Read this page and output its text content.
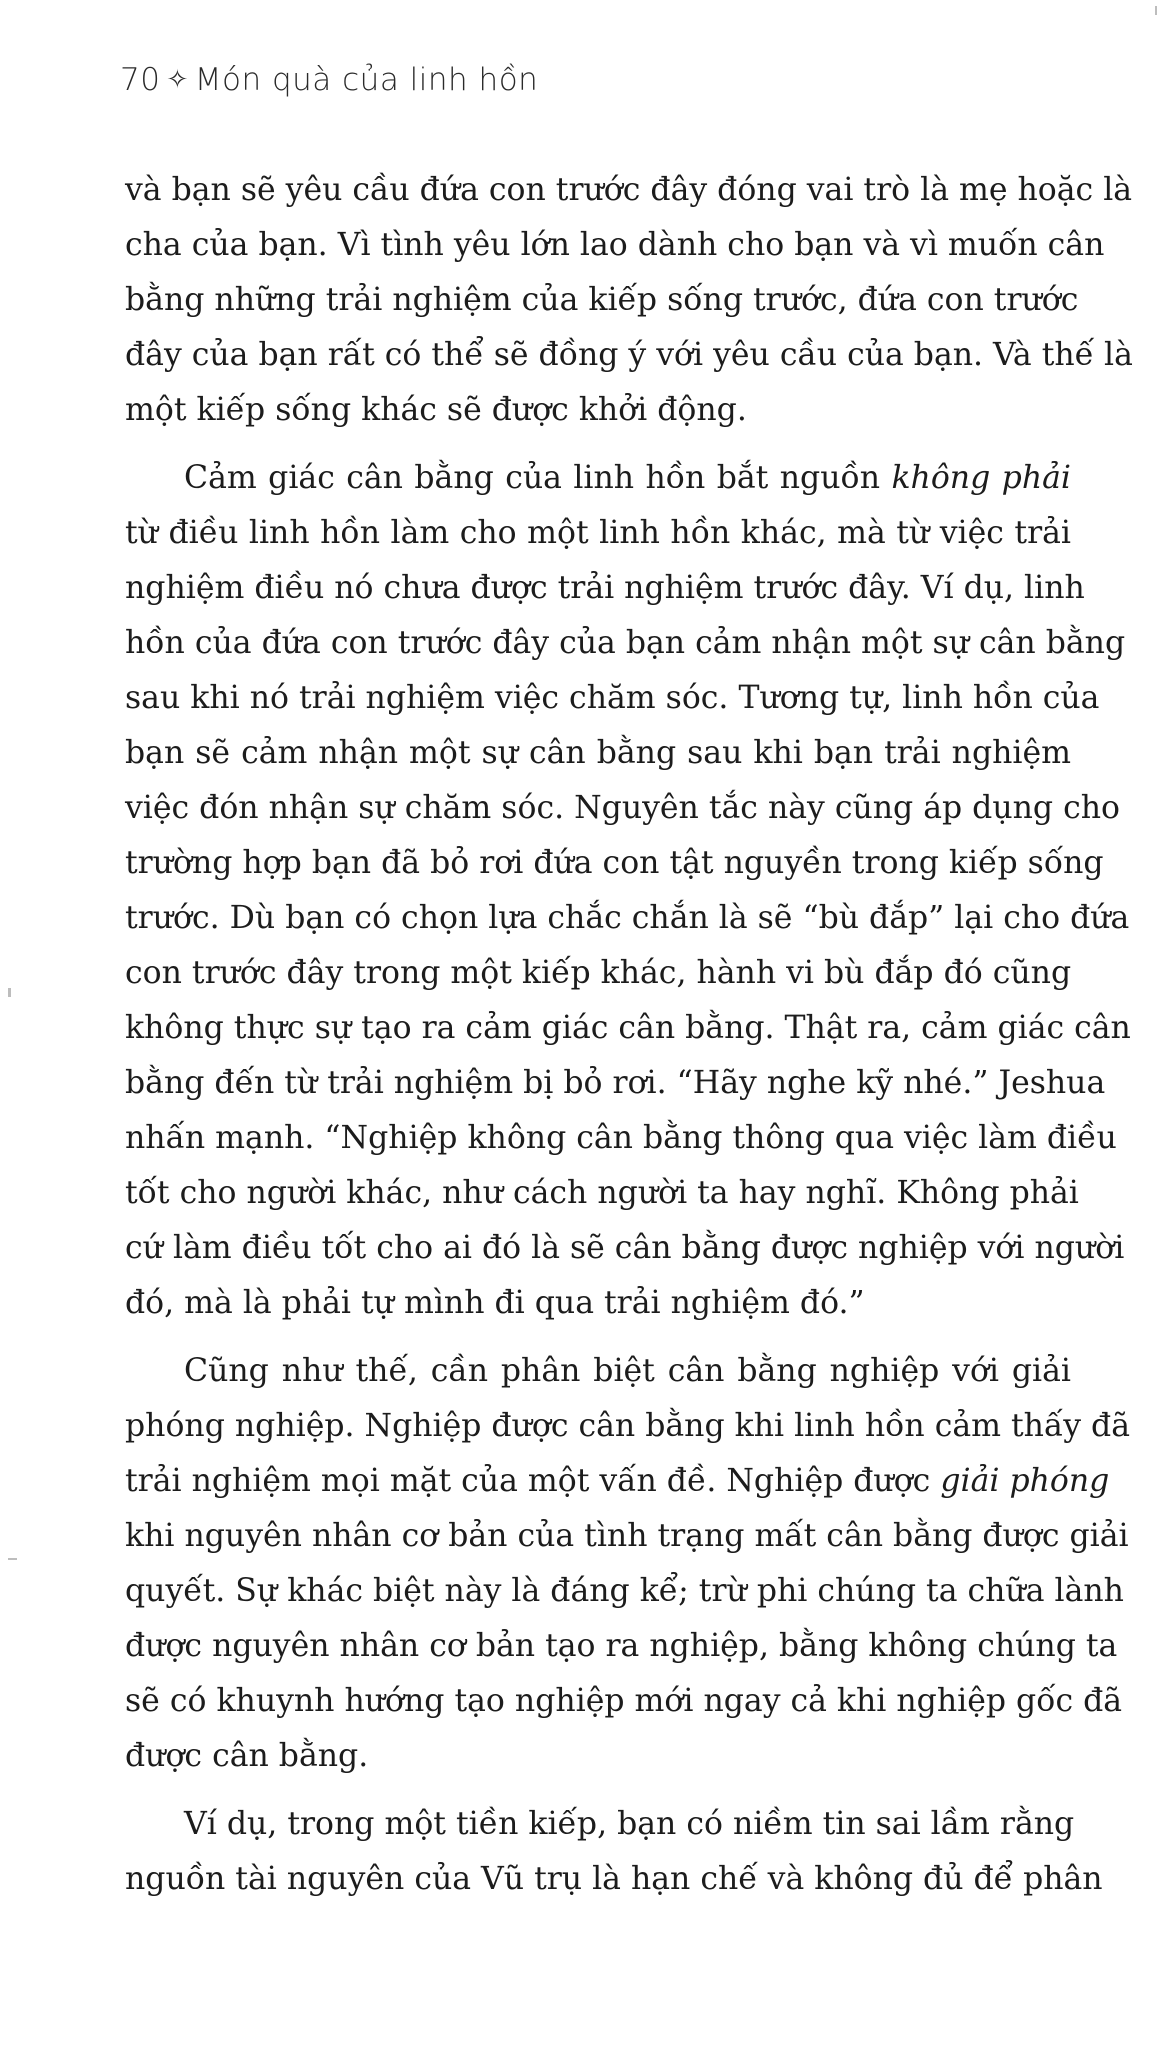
70 ✧ Món quà của linh hồn
và bạn sẽ yêu cầu đứa con trước đây đóng vai trò là mẹ hoặc là
cha của bạn. Vì tình yêu lớn lao dành cho bạn và vì muốn cân
bằng những trải nghiệm của kiếp sống trước, đứa con trước
đây của bạn rất có thể sẽ đồng ý với yêu cầu của bạn. Và thế là
một kiếp sống khác sẽ được khởi động.
Cảm giác cân bằng của linh hồn bắt nguồn không phải
từ điều linh hồn làm cho một linh hồn khác, mà từ việc trải
nghiệm điều nó chưa được trải nghiệm trước đây. Ví dụ, linh
hồn của đứa con trước đây của bạn cảm nhận một sự cân bằng
sau khi nó trải nghiệm việc chăm sóc. Tương tự, linh hồn của
bạn sẽ cảm nhận một sự cân bằng sau khi bạn trải nghiệm
việc đón nhận sự chăm sóc. Nguyên tắc này cũng áp dụng cho
trường hợp bạn đã bỏ rơi đứa con tật nguyền trong kiếp sống
trước. Dù bạn có chọn lựa chắc chắn là sẽ “bù đắp” lại cho đứa
con trước đây trong một kiếp khác, hành vi bù đắp đó cũng
không thực sự tạo ra cảm giác cân bằng. Thật ra, cảm giác cân
bằng đến từ trải nghiệm bị bỏ rơi. “Hãy nghe kỹ nhé.” Jeshua
nhấn mạnh. “Nghiệp không cân bằng thông qua việc làm điều
tốt cho người khác, như cách người ta hay nghĩ. Không phải
cứ làm điều tốt cho ai đó là sẽ cân bằng được nghiệp với người
đó, mà là phải tự mình đi qua trải nghiệm đó.”
Cũng như thế, cần phân biệt cân bằng nghiệp với giải
phóng nghiệp. Nghiệp được cân bằng khi linh hồn cảm thấy đã
trải nghiệm mọi mặt của một vấn đề. Nghiệp được giải phóng
khi nguyên nhân cơ bản của tình trạng mất cân bằng được giải
quyết. Sự khác biệt này là đáng kể; trừ phi chúng ta chữa lành
được nguyên nhân cơ bản tạo ra nghiệp, bằng không chúng ta
sẽ có khuynh hướng tạo nghiệp mới ngay cả khi nghiệp gốc đã
được cân bằng.
Ví dụ, trong một tiền kiếp, bạn có niềm tin sai lầm rằng
nguồn tài nguyên của Vũ trụ là hạn chế và không đủ để phân
